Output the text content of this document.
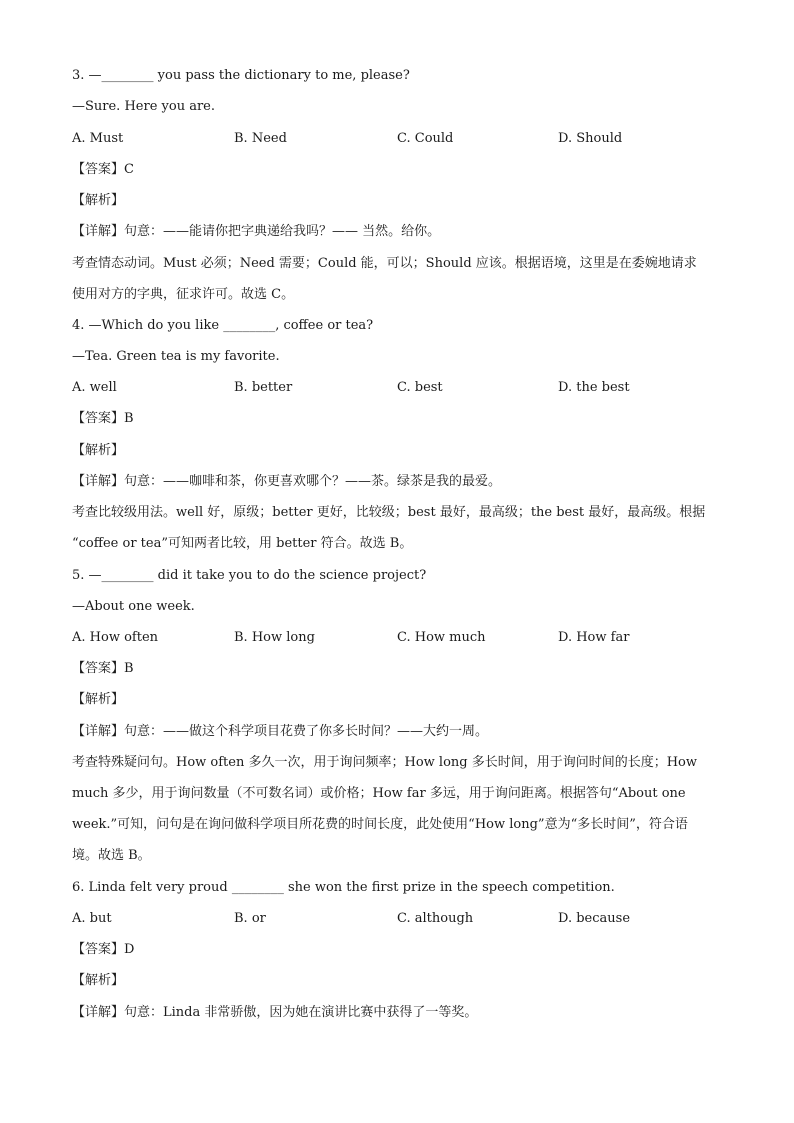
3. —________ you pass the dictionary to me, please?
—Sure. Here you are.
A. Must	B. Need	C. Could	D. Should
【答案】C
【解析】
【详解】句意：——能请你把字典递给我吗？—— 当然。给你。
考查情态动词。Must 必须；Need 需要；Could 能，可以；Should 应该。根据语境，这里是在委婉地请求
使用对方的字典，征求许可。故选 C。
4. —Which do you like ________, coffee or tea?
—Tea. Green tea is my favorite.
A. well	B. better	C. best	D. the best
【答案】B
【解析】
【详解】句意：——咖啡和茶，你更喜欢哪个？——茶。绿茶是我的最爱。
考查比较级用法。well 好，原级；better 更好，比较级；best 最好，最高级；the best 最好，最高级。根据
“coffee or tea”可知两者比较，用 better 符合。故选 B。
5. —________ did it take you to do the science project?
—About one week.
A. How often	B. How long	C. How much	D. How far
【答案】B
【解析】
【详解】句意：——做这个科学项目花费了你多长时间？——大约一周。
考查特殊疑问句。How often 多久一次，用于询问频率；How long 多长时间，用于询问时间的长度；How
much 多少，用于询问数量（不可数名词）或价格；How far 多远，用于询问距离。根据答句“About one
week.”可知，问句是在询问做科学项目所花费的时间长度，此处使用“How long”意为“多长时间”，符合语
境。故选 B。
6. Linda felt very proud ________ she won the first prize in the speech competition.
A. but	B. or	C. although	D. because
【答案】D
【解析】
【详解】句意：Linda 非常骄傲，因为她在演讲比赛中获得了一等奖。
